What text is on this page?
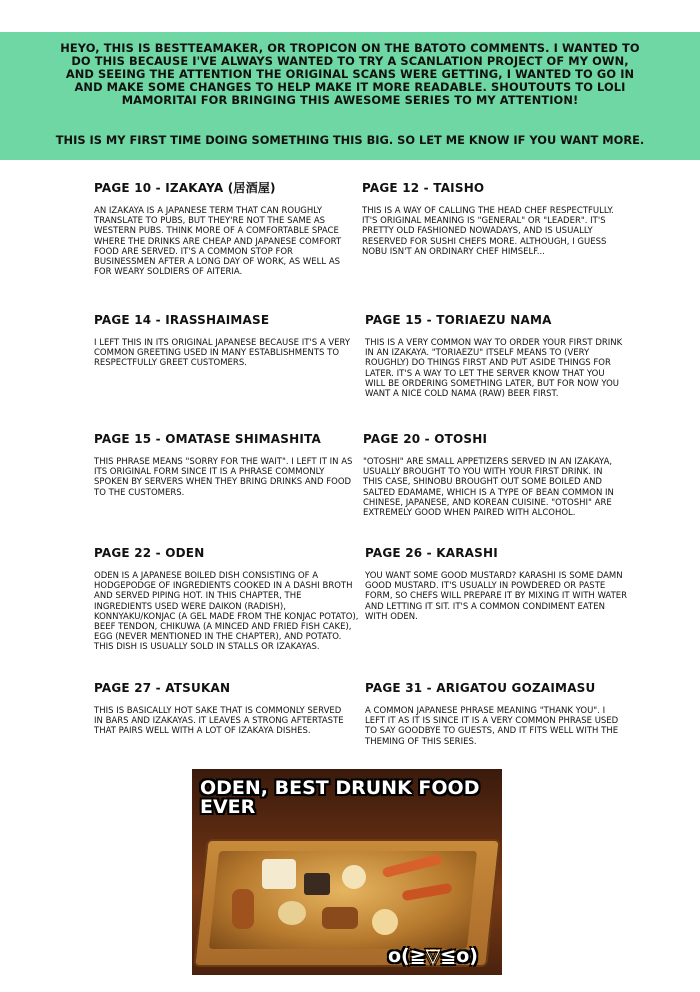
HEYO, THIS IS BESTTEAMAKER, OR TROPICON ON THE BATOTO COMMENTS. I WANTED TO DO THIS BECAUSE I'VE ALWAYS WANTED TO TRY A SCANLATION PROJECT OF MY OWN, AND SEEING THE ATTENTION THE ORIGINAL SCANS WERE GETTING, I WANTED TO GO IN AND MAKE SOME CHANGES TO HELP MAKE IT MORE READABLE. SHOUTOUTS TO LOLI MAMORITAI FOR BRINGING THIS AWESOME SERIES TO MY ATTENTION!

THIS IS MY FIRST TIME DOING SOMETHING THIS BIG. SO LET ME KNOW IF YOU WANT MORE.

PAGE 10 - IZAKAYA (居酒屋)

AN IZAKAYA IS A JAPANESE TERM THAT CAN ROUGHLY TRANSLATE TO PUBS, BUT THEY'RE NOT THE SAME AS WESTERN PUBS. THINK MORE OF A COMFORTABLE SPACE WHERE THE DRINKS ARE CHEAP AND JAPANESE COMFORT FOOD ARE SERVED. IT'S A COMMON STOP FOR BUSINESSMEN AFTER A LONG DAY OF WORK, AS WELL AS FOR WEARY SOLDIERS OF AITERIA.

PAGE 12 - TAISHO

THIS IS A WAY OF CALLING THE HEAD CHEF RESPECTFULLY. IT'S ORIGINAL MEANING IS "GENERAL" OR "LEADER". IT'S PRETTY OLD FASHIONED NOWADAYS, AND IS USUALLY RESERVED FOR SUSHI CHEFS MORE. ALTHOUGH, I GUESS NOBU ISN'T AN ORDINARY CHEF HIMSELF...

PAGE 14 - IRASSHAIMASE

I LEFT THIS IN ITS ORIGINAL JAPANESE BECAUSE IT'S A VERY COMMON GREETING USED IN MANY ESTABLISHMENTS TO RESPECTFULLY GREET CUSTOMERS.

PAGE 15 - TORIAEZU NAMA

THIS IS A VERY COMMON WAY TO ORDER YOUR FIRST DRINK IN AN IZAKAYA. "TORIAEZU" ITSELF MEANS TO (VERY ROUGHLY) DO THINGS FIRST AND PUT ASIDE THINGS FOR LATER. IT'S A WAY TO LET THE SERVER KNOW THAT YOU WILL BE ORDERING SOMETHING LATER, BUT FOR NOW YOU WANT A NICE COLD NAMA (RAW) BEER FIRST.

PAGE 15 - OMATASE SHIMASHITA

THIS PHRASE MEANS "SORRY FOR THE WAIT". I LEFT IT IN AS ITS ORIGINAL FORM SINCE IT IS A PHRASE COMMONLY SPOKEN BY SERVERS WHEN THEY BRING DRINKS AND FOOD TO THE CUSTOMERS.

PAGE 20 - OTOSHI

"OTOSHI" ARE SMALL APPETIZERS SERVED IN AN IZAKAYA, USUALLY BROUGHT TO YOU WITH YOUR FIRST DRINK. IN THIS CASE, SHINOBU BROUGHT OUT SOME BOILED AND SALTED EDAMAME, WHICH IS A TYPE OF BEAN COMMON IN CHINESE, JAPANESE, AND KOREAN CUISINE. "OTOSHI" ARE EXTREMELY GOOD WHEN PAIRED WITH ALCOHOL.

PAGE 22 - ODEN

ODEN IS A JAPANESE BOILED DISH CONSISTING OF A HODGEPODGE OF INGREDIENTS COOKED IN A DASHI BROTH AND SERVED PIPING HOT. IN THIS CHAPTER, THE INGREDIENTS USED WERE DAIKON (RADISH), KONNYAKU/KONJAC (A GEL MADE FROM THE KONJAC POTATO), BEEF TENDON, CHIKUWA (A MINCED AND FRIED FISH CAKE), EGG (NEVER MENTIONED IN THE CHAPTER), AND POTATO. THIS DISH IS USUALLY SOLD IN STALLS OR IZAKAYAS.

PAGE 26 - KARASHI

YOU WANT SOME GOOD MUSTARD? KARASHI IS SOME DAMN GOOD MUSTARD. IT'S USUALLY IN POWDERED OR PASTE FORM, SO CHEFS WILL PREPARE IT BY MIXING IT WITH WATER AND LETTING IT SIT. IT'S A COMMON CONDIMENT EATEN WITH ODEN.

PAGE 27 - ATSUKAN

THIS IS BASICALLY HOT SAKE THAT IS COMMONLY SERVED IN BARS AND IZAKAYAS. IT LEAVES A STRONG AFTERTASTE THAT PAIRS WELL WITH A LOT OF IZAKAYA DISHES.

PAGE 31 - ARIGATOU GOZAIMASU

A COMMON JAPANESE PHRASE MEANING "THANK YOU". I LEFT IT AS IT IS SINCE IT IS A VERY COMMON PHRASE USED TO SAY GOODBYE TO GUESTS, AND IT FITS WELL WITH THE THEMING OF THIS SERIES.

ODEN, BEST DRUNK FOOD EVER

o(≧▽≦o)
